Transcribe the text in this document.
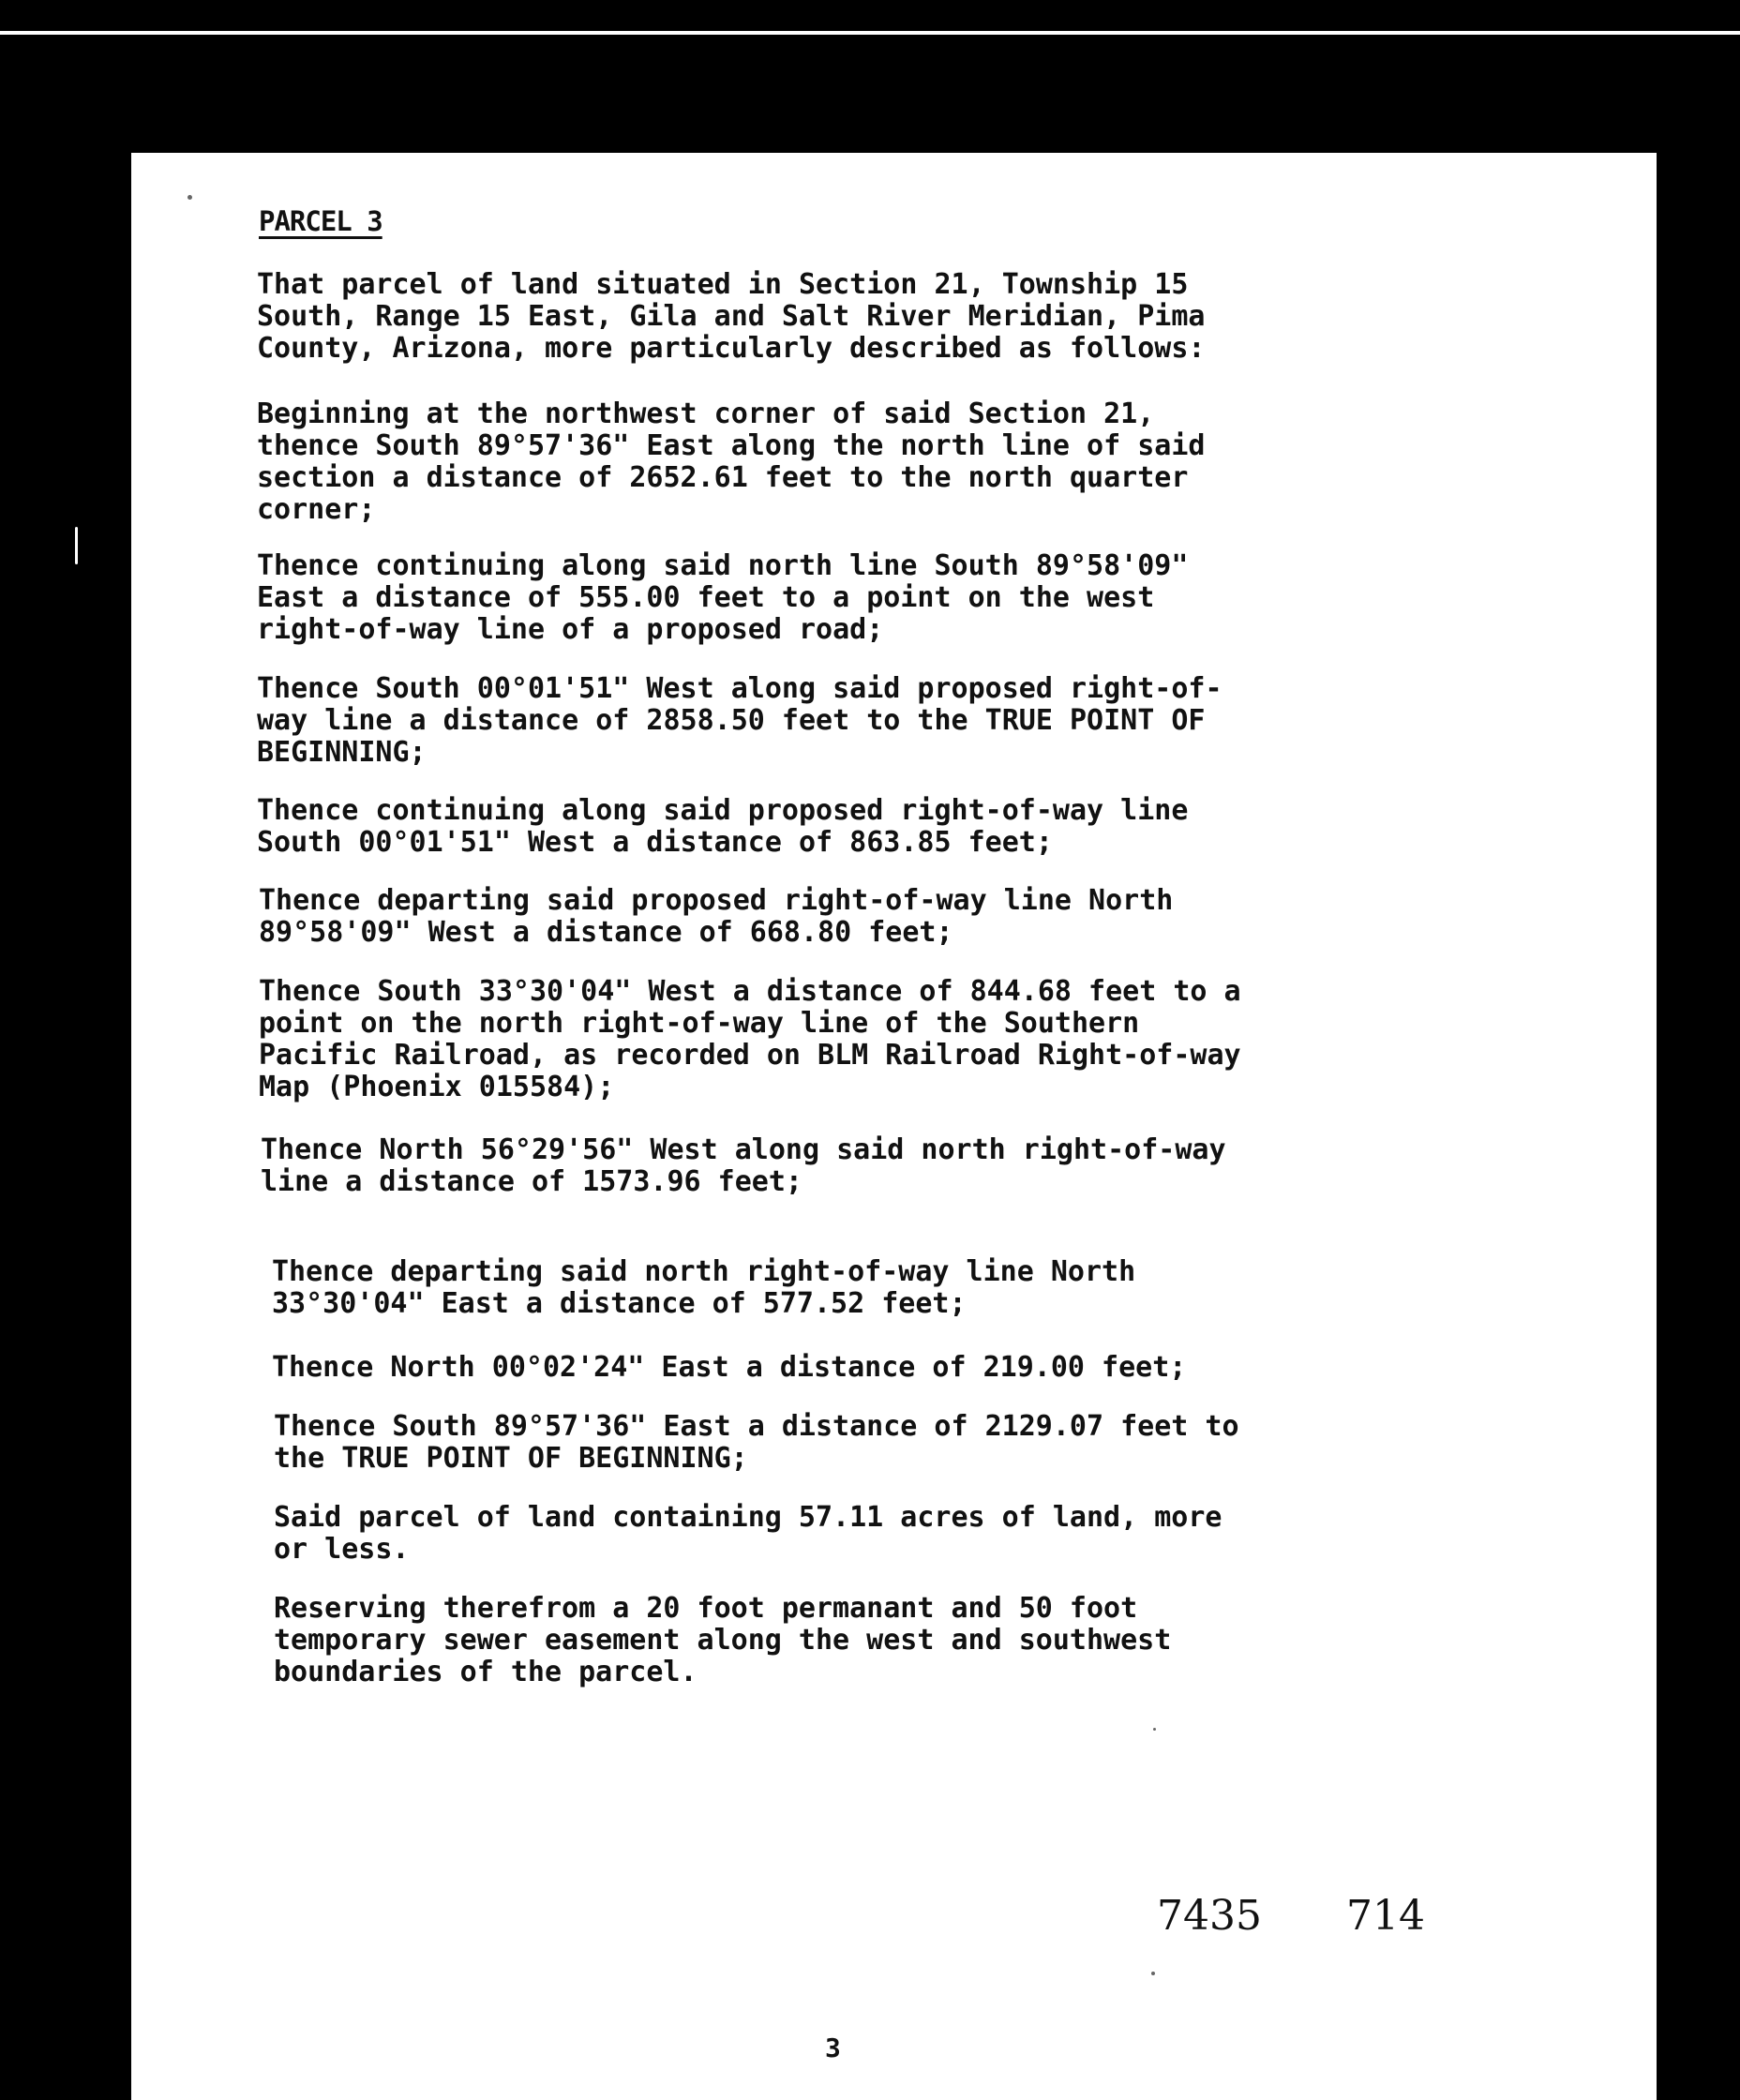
PARCEL 3

That parcel of land situated in Section 21, Township 15
South, Range 15 East, Gila and Salt River Meridian, Pima
County, Arizona, more particularly described as follows:

Beginning at the northwest corner of said Section 21,
thence South 89°57'36" East along the north line of said
section a distance of 2652.61 feet to the north quarter
corner;

Thence continuing along said north line South 89°58'09"
East a distance of 555.00 feet to a point on the west
right-of-way line of a proposed road;

Thence South 00°01'51" West along said proposed right-of-
way line a distance of 2858.50 feet to the TRUE POINT OF
BEGINNING;

Thence continuing along said proposed right-of-way line
South 00°01'51" West a distance of 863.85 feet;

Thence departing said proposed right-of-way line North
89°58'09" West a distance of 668.80 feet;

Thence South 33°30'04" West a distance of 844.68 feet to a
point on the north right-of-way line of the Southern
Pacific Railroad, as recorded on BLM Railroad Right-of-way
Map (Phoenix 015584);

Thence North 56°29'56" West along said north right-of-way
line a distance of 1573.96 feet;

Thence departing said north right-of-way line North
33°30'04" East a distance of 577.52 feet;

Thence North 00°02'24" East a distance of 219.00 feet;

Thence South 89°57'36" East a distance of 2129.07 feet to
the TRUE POINT OF BEGINNING;

Said parcel of land containing 57.11 acres of land, more
or less.

Reserving therefrom a 20 foot permanant and 50 foot
temporary sewer easement along the west and southwest
boundaries of the parcel.

7435 714
3
